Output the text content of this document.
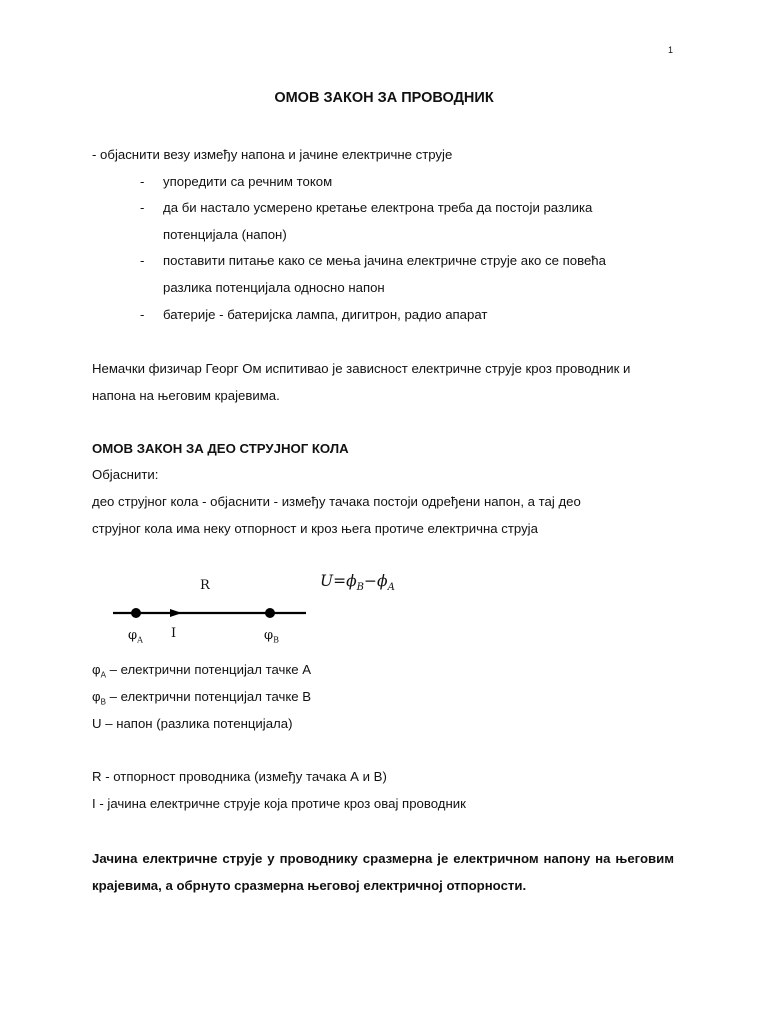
1
ОМОВ ЗАКОН ЗА ПРОВОДНИК
- објаснити везу између напона и јачине електричне струје
- упоредити са речним током
- да би настало усмерено кретање електрона треба да постоји разлика
потенцијала (напон)
- поставити питање како се мења јачина електричне струје ако се повећа
разлика потенцијала односно напон
- батерије - батеријска лампа, дигитрон, радио апарат
Немачки физичар Георг Ом испитивао је зависност електричне струје кроз проводник и
напона на његовим крајевима.
ОМОВ ЗАКОН ЗА ДЕО СТРУЈНОГ КОЛА
Објаснити:
део струјног кола - објаснити - између тачака постоји одређени напон, а тај део
струјног кола има неку отпорност и кроз њега протиче електрична струја
R
I
$\varphi_A$	$\varphi_B$
$U=\phi_B-\phi_A$
$\varphi_A$ – електрични потенцијал тачке А
$\varphi_B$ – електрични потенцијал тачке В
U – напон (разлика потенцијала)
R - отпорност проводника (између тачака А и В)
I - јачина електричне струје која протиче кроз овај проводник
Јачина електричне струје у проводнику сразмерна је електричном напону на његовим крајевима, а обрнуто сразмерна његовој електричној отпорности.
